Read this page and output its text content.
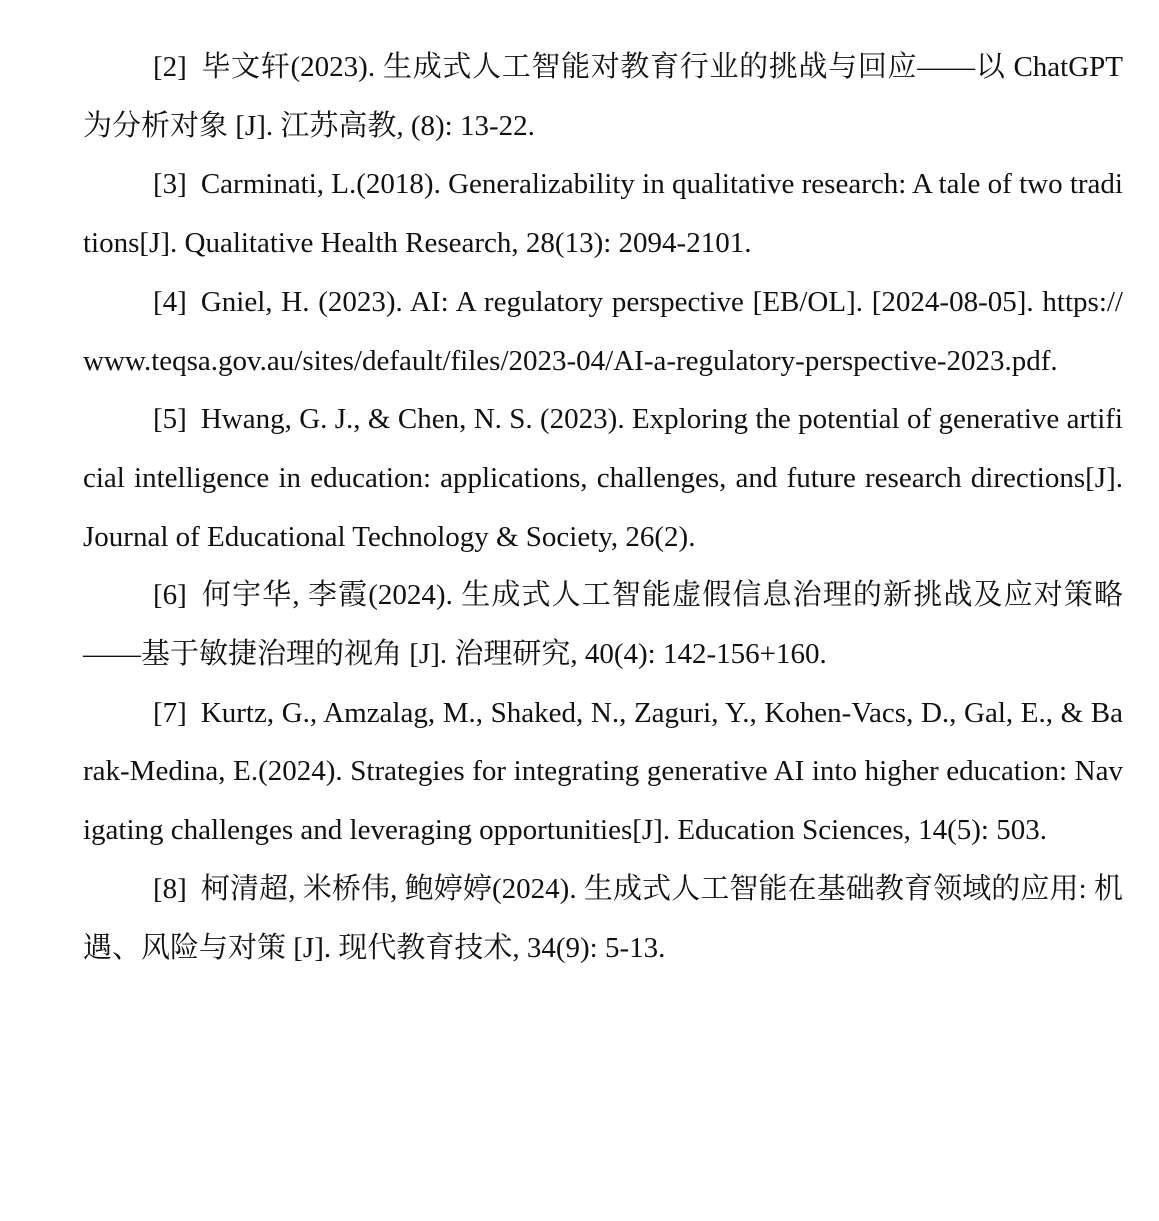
[2] 毕文轩(2023). 生成式人工智能对教育行业的挑战与回应——以 ChatGPT 为分析对象 [J]. 江苏高教, (8): 13-22.

[3] Carminati, L.(2018). Generalizability in qualitative research: A tale of two traditions[J]. Qualitative Health Research, 28(13): 2094-2101.

[4] Gniel, H. (2023). AI: A regulatory perspective [EB/OL]. [2024-08-05]. https://www.teqsa.gov.au/sites/default/files/2023-04/AI-a-regulatory-perspective-2023.pdf.

[5] Hwang, G. J., & Chen, N. S. (2023). Exploring the potential of generative artificial intelligence in education: applications, challenges, and future research directions[J]. Journal of Educational Technology & Society, 26(2).

[6] 何宇华, 李霞(2024). 生成式人工智能虚假信息治理的新挑战及应对策略——基于敏捷治理的视角 [J]. 治理研究, 40(4): 142-156+160.

[7] Kurtz, G., Amzalag, M., Shaked, N., Zaguri, Y., Kohen-Vacs, D., Gal, E., & Barak-Medina, E.(2024). Strategies for integrating generative AI into higher education: Navigating challenges and leveraging opportunities[J]. Education Sciences, 14(5): 503.

[8] 柯清超, 米桥伟, 鲍婷婷(2024). 生成式人工智能在基础教育领域的应用: 机遇、风险与对策 [J]. 现代教育技术, 34(9): 5-13.
